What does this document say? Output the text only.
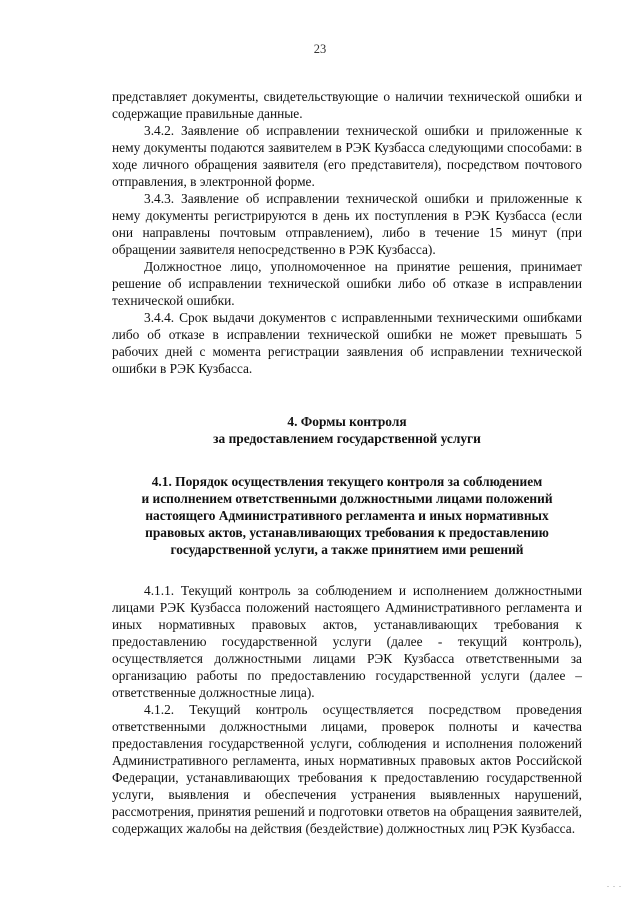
23

представляет документы, свидетельствующие о наличии технической ошибки и содержащие правильные данные.

3.4.2. Заявление об исправлении технической ошибки и приложенные к нему документы подаются заявителем в РЭК Кузбасса следующими способами: в ходе личного обращения заявителя (его представителя), посредством почтового отправления, в электронной форме.

3.4.3. Заявление об исправлении технической ошибки и приложенные к нему документы регистрируются в день их поступления в РЭК Кузбасса (если они направлены почтовым отправлением), либо в течение 15 минут (при обращении заявителя непосредственно в РЭК Кузбасса).

Должностное лицо, уполномоченное на принятие решения, принимает решение об исправлении технической ошибки либо об отказе в исправлении технической ошибки.

3.4.4. Срок выдачи документов с исправленными техническими ошибками либо об отказе в исправлении технической ошибки не может превышать 5 рабочих дней с момента регистрации заявления об исправлении технической ошибки в РЭК Кузбасса.

4. Формы контроля
за предоставлением государственной услуги
4.1. Порядок осуществления текущего контроля за соблюдением
и исполнением ответственными должностными лицами положений
настоящего Административного регламента и иных нормативных
правовых актов, устанавливающих требования к предоставлению
государственной услуги, а также принятием ими решений

4.1.1. Текущий контроль за соблюдением и исполнением должностными лицами РЭК Кузбасса положений настоящего Административного регламента и иных нормативных правовых актов, устанавливающих требования к предоставлению государственной услуги (далее - текущий контроль), осуществляется должностными лицами РЭК Кузбасса ответственными за организацию работы по предоставлению государственной услуги (далее – ответственные должностные лица).

4.1.2. Текущий контроль осуществляется посредством проведения ответственными должностными лицами, проверок полноты и качества предоставления государственной услуги, соблюдения и исполнения положений Административного регламента, иных нормативных правовых актов Российской Федерации, устанавливающих требования к предоставлению государственной услуги, выявления и обеспечения устранения выявленных нарушений, рассмотрения, принятия решений и подготовки ответов на обращения заявителей, содержащих жалобы на действия (бездействие) должностных лиц РЭК Кузбасса.

. . .
